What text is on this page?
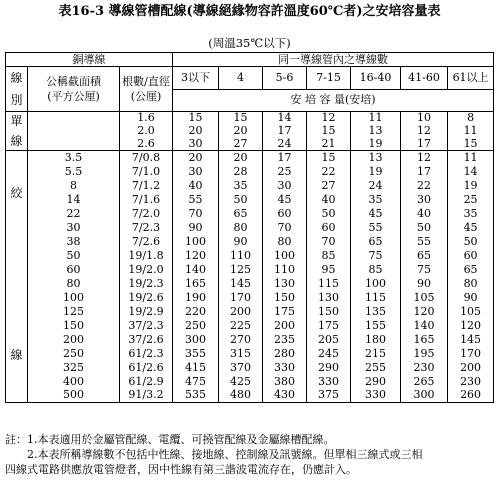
表16-3 導線管槽配線(導線絕緣物容許溫度60℃者)之安培容量表
(周溫35℃以下)
銅導線			同一導線管內之導線數						

線
別	公稱截面積
(平方公厘)	根數/直徑
(公厘)	3以下	4	5-6	7-15	16-40	41-60	61以上
			安 培 容 量(安培)						

單
線		1.6	15	15	14	12	11	10	8
		2.0	20	20	17	15	13	12	11
		2.6	30	27	24	21	19	17	15

絞
線	3.5	7/0.8	20	20	17	15	13	12	11
	5.5	7/1.0	30	28	25	22	19	17	14
	8	7/1.2	40	35	30	27	24	22	19
	14	7/1.6	55	50	45	40	35	30	25
	22	7/2.0	70	65	60	50	45	40	35
	30	7/2.3	90	80	70	60	55	50	45
	38	7/2.6	100	90	80	70	65	55	50
	50	19/1.8	120	110	100	85	75	65	60
	60	19/2.0	140	125	110	95	85	75	65
	80	19/2.3	165	145	130	115	100	90	80
	100	19/2.6	190	170	150	130	115	105	90
	125	19/2.9	220	200	175	150	135	120	105
	150	37/2.3	250	225	200	175	155	140	120
	200	37/2.6	300	270	235	205	180	165	145
	250	61/2.3	355	315	280	245	215	195	170
	325	61/2.6	415	370	330	290	255	230	200
	400	61/2.9	475	425	380	330	290	265	230
	500	91/3.2	535	480	430	375	330	300	260
註：1.本表適用於金屬管配線、電纜、可撓管配線及金屬線槽配線。
2.本表所稱導線數不包括中性線、接地線、控制線及訊號線。但單相三線式或三相
四線式電路供應放電管燈者，因中性線有第三諧波電流存在，仍應計入。
